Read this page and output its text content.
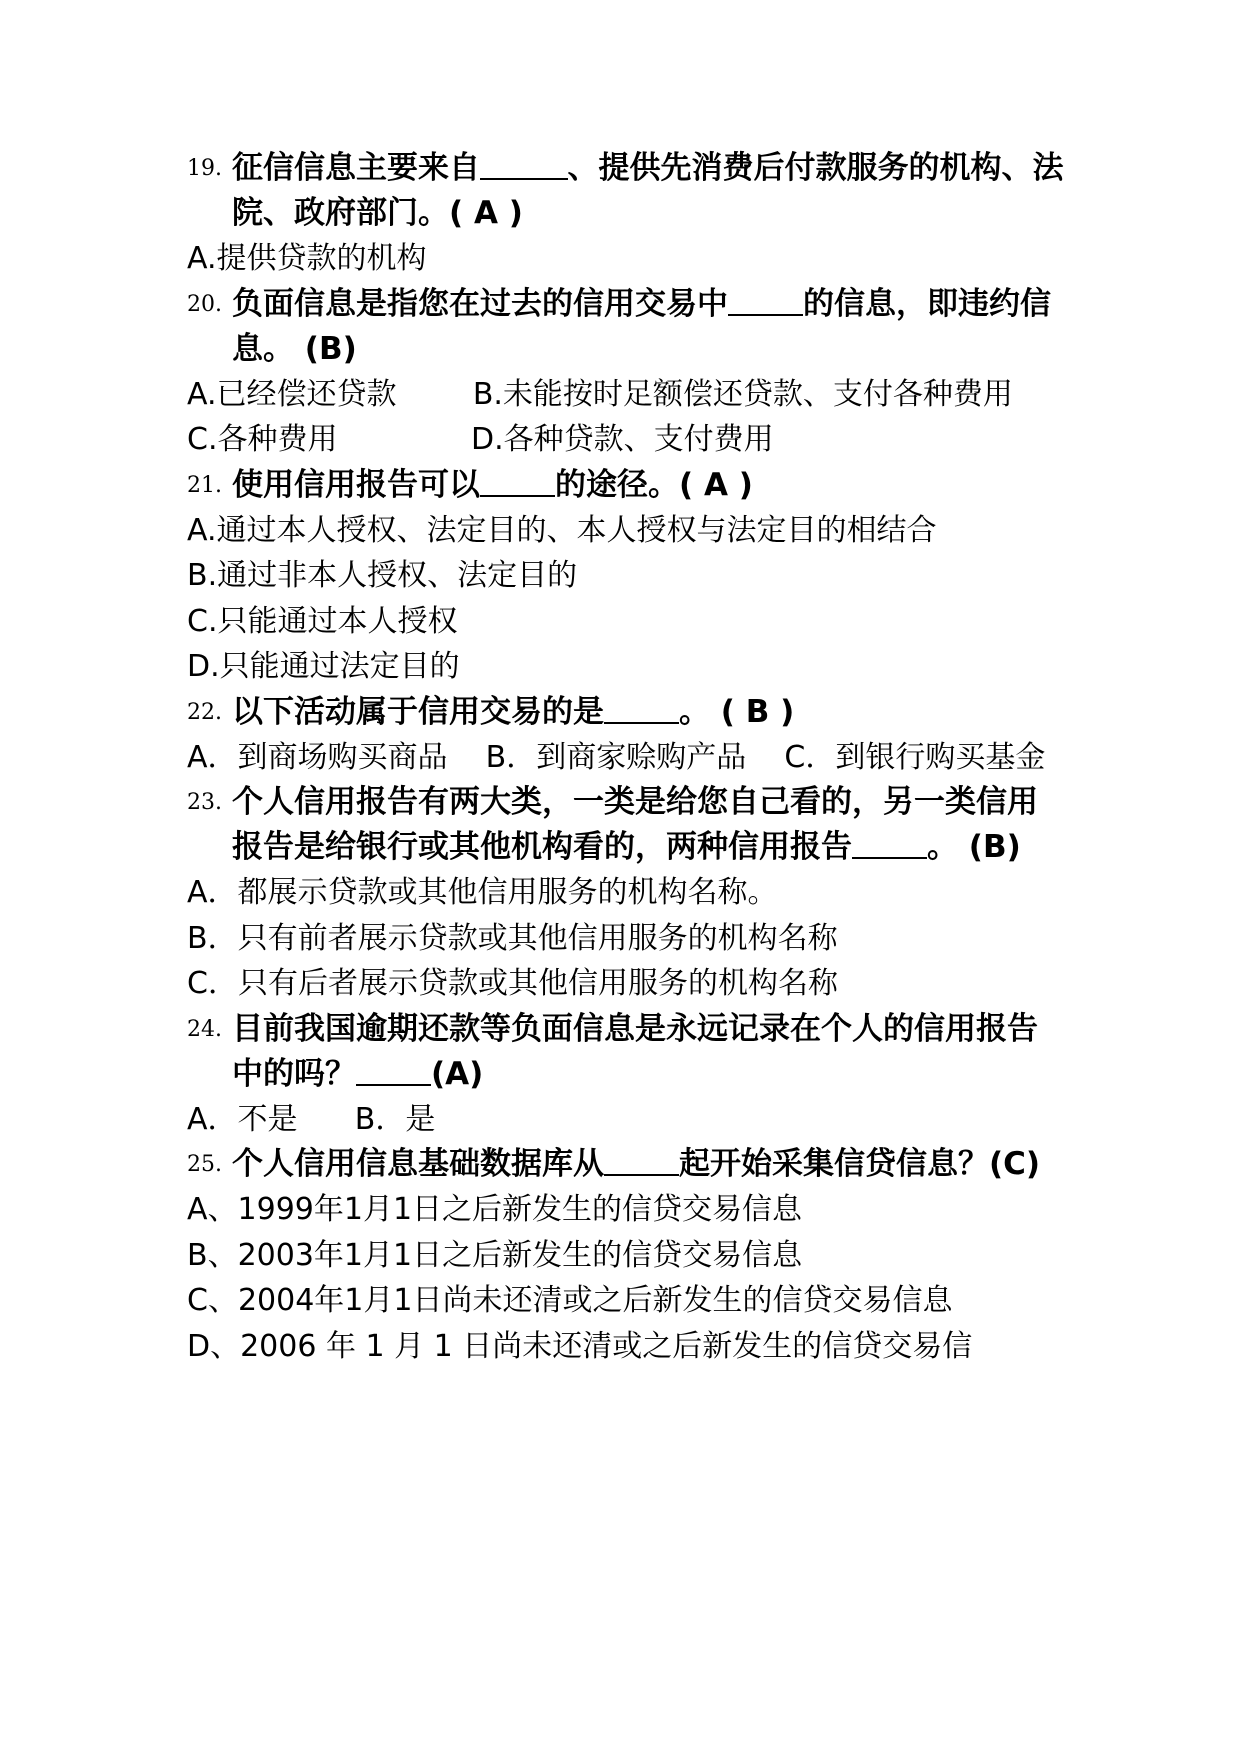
19. 征信信息主要来自	、提供先消费后付款服务的机构、法院、政府部门。( A )
A.提供贷款的机构
20. 负面信息是指您在过去的信用交易中 的信息，即违约信息。 (B)
A.已经偿还贷款        B.未能按时足额偿还贷款、支付各种费用
C.各种费用              D.各种贷款、支付费用
21. 使用信用报告可以 的途径。( A )
A.通过本人授权、法定目的、本人授权与法定目的相结合
B.通过非本人授权、法定目的
C.只能通过本人授权
D.只能通过法定目的
22. 以下活动属于信用交易的是 。 ( B )
A．到商场购买商品    B．到商家赊购产品    C．到银行购买基金
23. 个人信用报告有两大类，一类是给您自己看的，另一类信用报告是给银行或其他机构看的，两种信用报告 。 (B)
A．都展示贷款或其他信用服务的机构名称。
B．只有前者展示贷款或其他信用服务的机构名称
C．只有后者展示贷款或其他信用服务的机构名称
24. 目前我国逾期还款等负面信息是永远记录在个人的信用报告中的吗？ (A)
A．不是      B．是
25. 个人信用信息基础数据库从 起开始采集信贷信息？(C)
A、1999年1月1日之后新发生的信贷交易信息
B、2003年1月1日之后新发生的信贷交易信息
C、2004年1月1日尚未还清或之后新发生的信贷交易信息
D、2006 年 1 月 1 日尚未还清或之后新发生的信贷交易信
